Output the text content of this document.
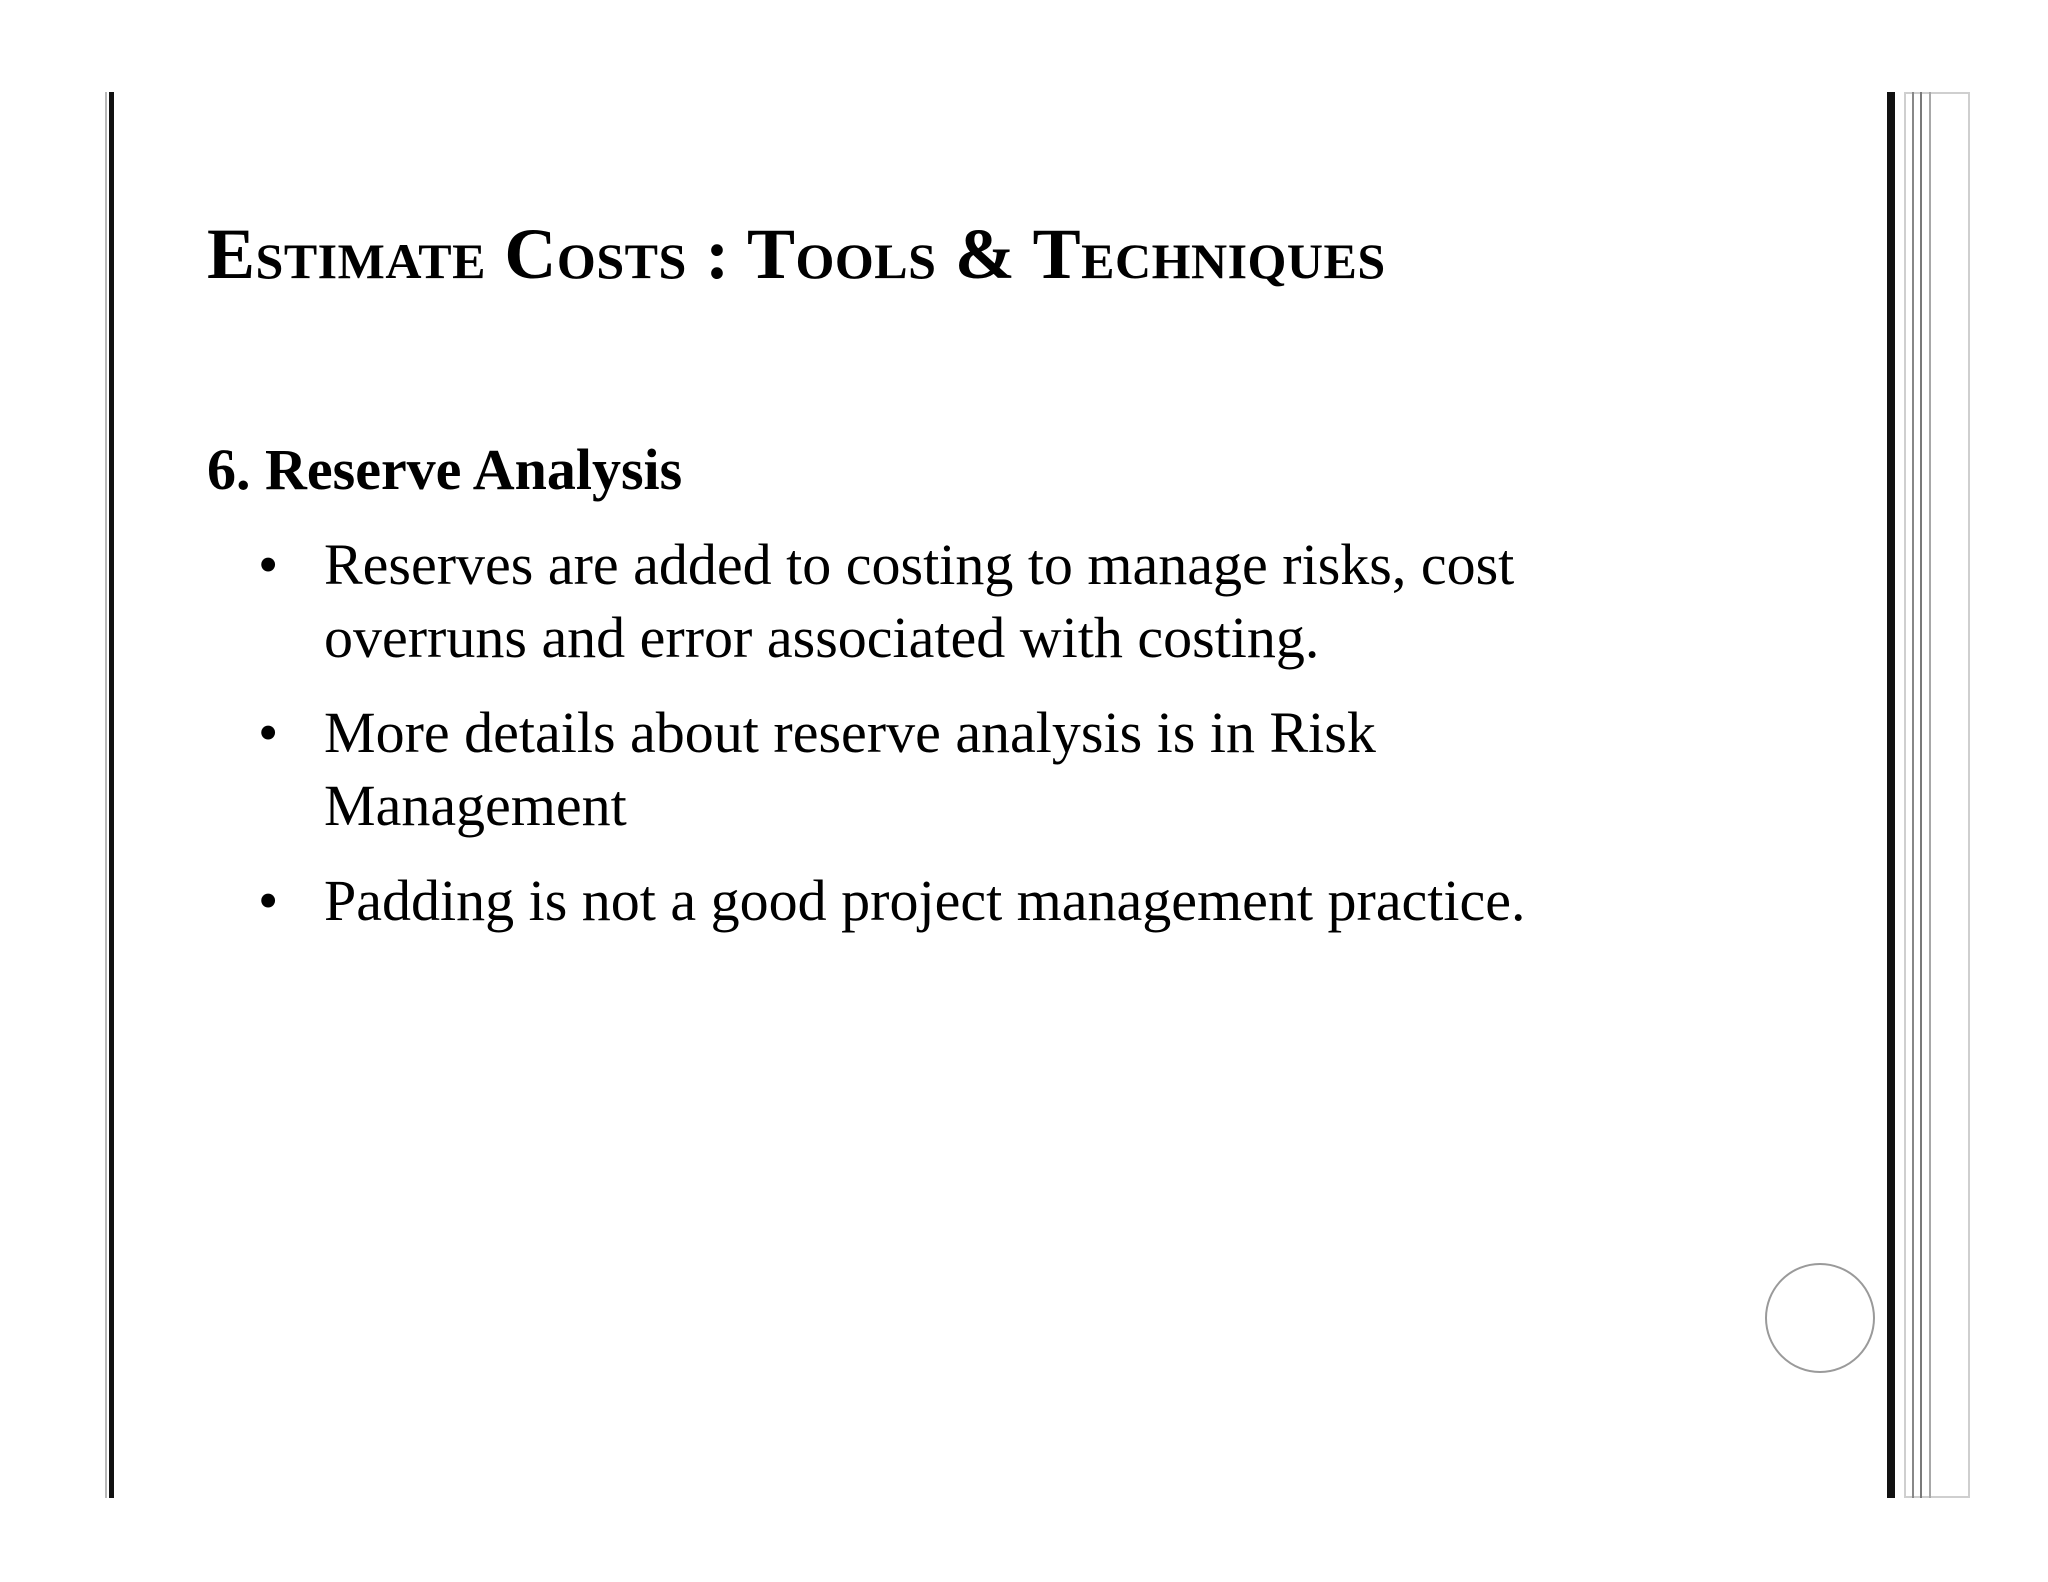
Estimate Costs : Tools & Techniques
6. Reserve Analysis
• Reserves are added to costing to manage risks, cost overruns and error associated with costing.
• More details about reserve analysis is in Risk Management
• Padding is not a good project management practice.
